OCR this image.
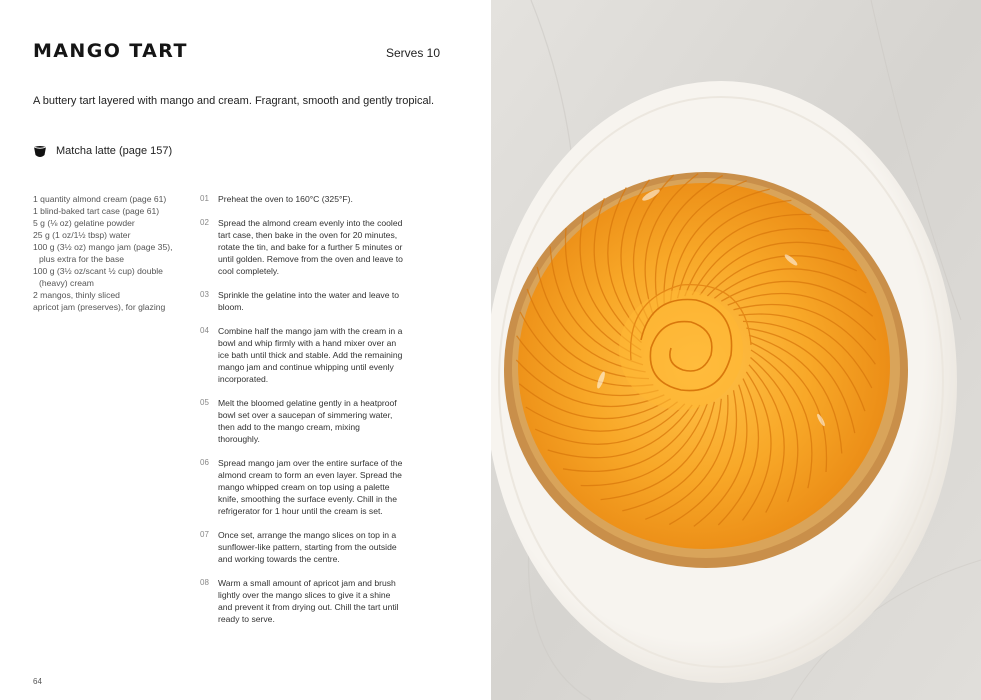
MANGO TART	Serves 10
A buttery tart layered with mango and cream. Fragrant, smooth and gently tropical.
Matcha latte (page 157)
1 quantity almond cream (page 61)
1 blind-baked tart case (page 61)
5 g (⅛ oz) gelatine powder
25 g (1 oz/1½ tbsp) water
100 g (3½ oz) mango jam (page 35),
plus extra for the base
100 g (3½ oz/scant ½ cup) double
(heavy) cream
2 mangos, thinly sliced
apricot jam (preserves), for glazing
01	Preheat the oven to 160°C (325°F).
02	Spread the almond cream evenly into the cooled tart case, then bake in the oven for 20 minutes, rotate the tin, and bake for a further 5 minutes or until golden. Remove from the oven and leave to cool completely.
03	Sprinkle the gelatine into the water and leave to bloom.
04	Combine half the mango jam with the cream in a bowl and whip firmly with a hand mixer over an ice bath until thick and stable. Add the remaining mango jam and continue whipping until evenly incorporated.
05	Melt the bloomed gelatine gently in a heatproof bowl set over a saucepan of simmering water, then add to the mango cream, mixing thoroughly.
06	Spread mango jam over the entire surface of the almond cream to form an even layer. Spread the mango whipped cream on top using a palette knife, smoothing the surface evenly. Chill in the refrigerator for 1 hour until the cream is set.
07	Once set, arrange the mango slices on top in a sunflower-like pattern, starting from the outside and working towards the centre.
08	Warm a small amount of apricot jam and brush lightly over the mango slices to give it a shine and prevent it from drying out. Chill the tart until ready to serve.
64
